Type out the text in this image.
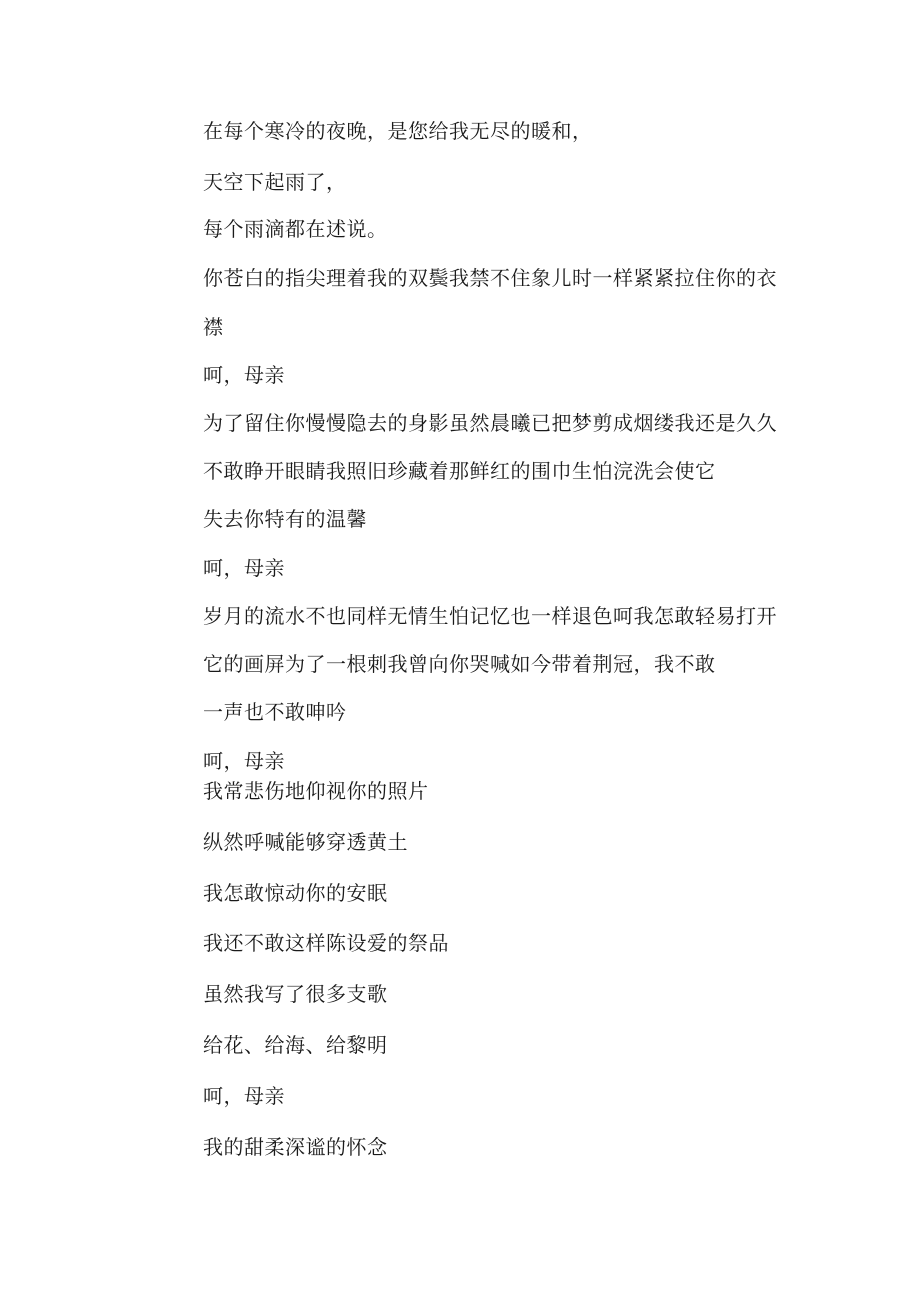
在每个寒冷的夜晚，是您给我无尽的暖和，

天空下起雨了，

每个雨滴都在述说。

你苍白的指尖理着我的双鬓我禁不住象儿时一样紧紧拉住你的衣

襟

呵，母亲

为了留住你慢慢隐去的身影虽然晨曦已把梦剪成烟缕我还是久久

不敢睁开眼睛我照旧珍藏着那鲜红的围巾生怕浣洗会使它

失去你特有的温馨

呵，母亲

岁月的流水不也同样无情生怕记忆也一样退色呵我怎敢轻易打开

它的画屏为了一根刺我曾向你哭喊如今带着荆冠，我不敢

一声也不敢呻吟

呵，母亲

我常悲伤地仰视你的照片

纵然呼喊能够穿透黄土

我怎敢惊动你的安眠

我还不敢这样陈设爱的祭品

虽然我写了很多支歌

给花、给海、给黎明

呵，母亲

我的甜柔深谧的怀念
